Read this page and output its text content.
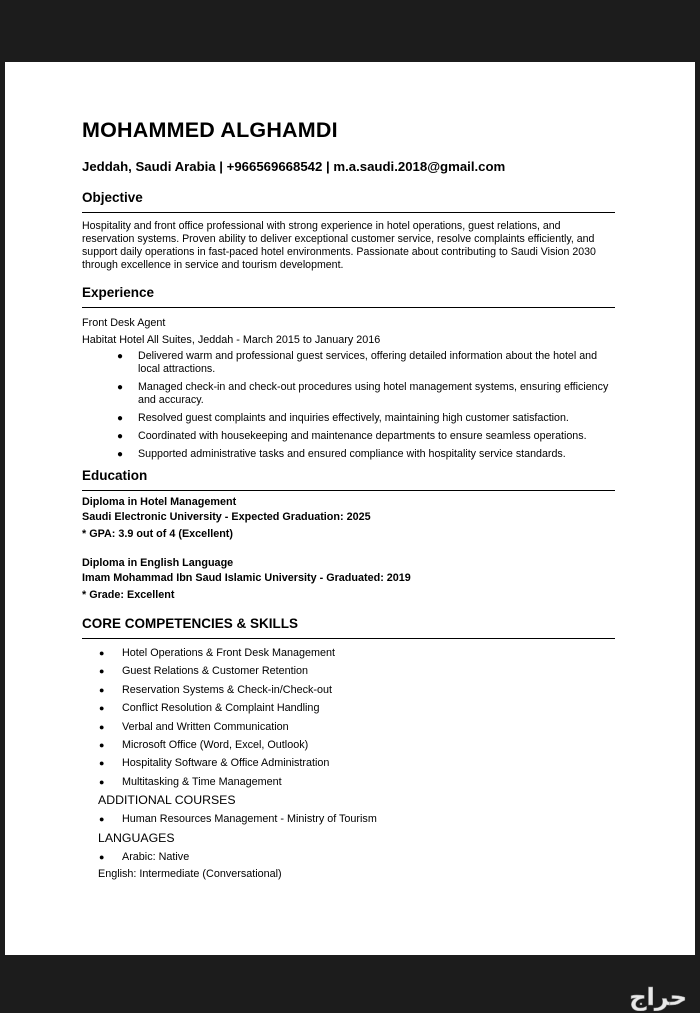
MOHAMMED ALGHAMDI
Jeddah, Saudi Arabia | +966569668542 | m.a.saudi.2018@gmail.com
Objective
Hospitality and front office professional with strong experience in hotel operations, guest relations, and reservation systems. Proven ability to deliver exceptional customer service, resolve complaints efficiently, and support daily operations in fast-paced hotel environments. Passionate about contributing to Saudi Vision 2030 through excellence in service and tourism development.
Experience
Front Desk Agent
Habitat Hotel All Suites, Jeddah - March 2015 to January 2016
● Delivered warm and professional guest services, offering detailed information about the hotel and local attractions.
● Managed check-in and check-out procedures using hotel management systems, ensuring efficiency and accuracy.
● Resolved guest complaints and inquiries effectively, maintaining high customer satisfaction.
● Coordinated with housekeeping and maintenance departments to ensure seamless operations.
● Supported administrative tasks and ensured compliance with hospitality service standards.
Education
Diploma in Hotel Management
Saudi Electronic University - Expected Graduation: 2025
* GPA: 3.9 out of 4 (Excellent)
Diploma in English Language
Imam Mohammad Ibn Saud Islamic University - Graduated: 2019
* Grade: Excellent
CORE COMPETENCIES & SKILLS
● Hotel Operations & Front Desk Management
● Guest Relations & Customer Retention
● Reservation Systems & Check-in/Check-out
● Conflict Resolution & Complaint Handling
● Verbal and Written Communication
● Microsoft Office (Word, Excel, Outlook)
● Hospitality Software & Office Administration
● Multitasking & Time Management
ADDITIONAL COURSES
● Human Resources Management - Ministry of Tourism
LANGUAGES
● Arabic: Native
English: Intermediate (Conversational)
حراج
